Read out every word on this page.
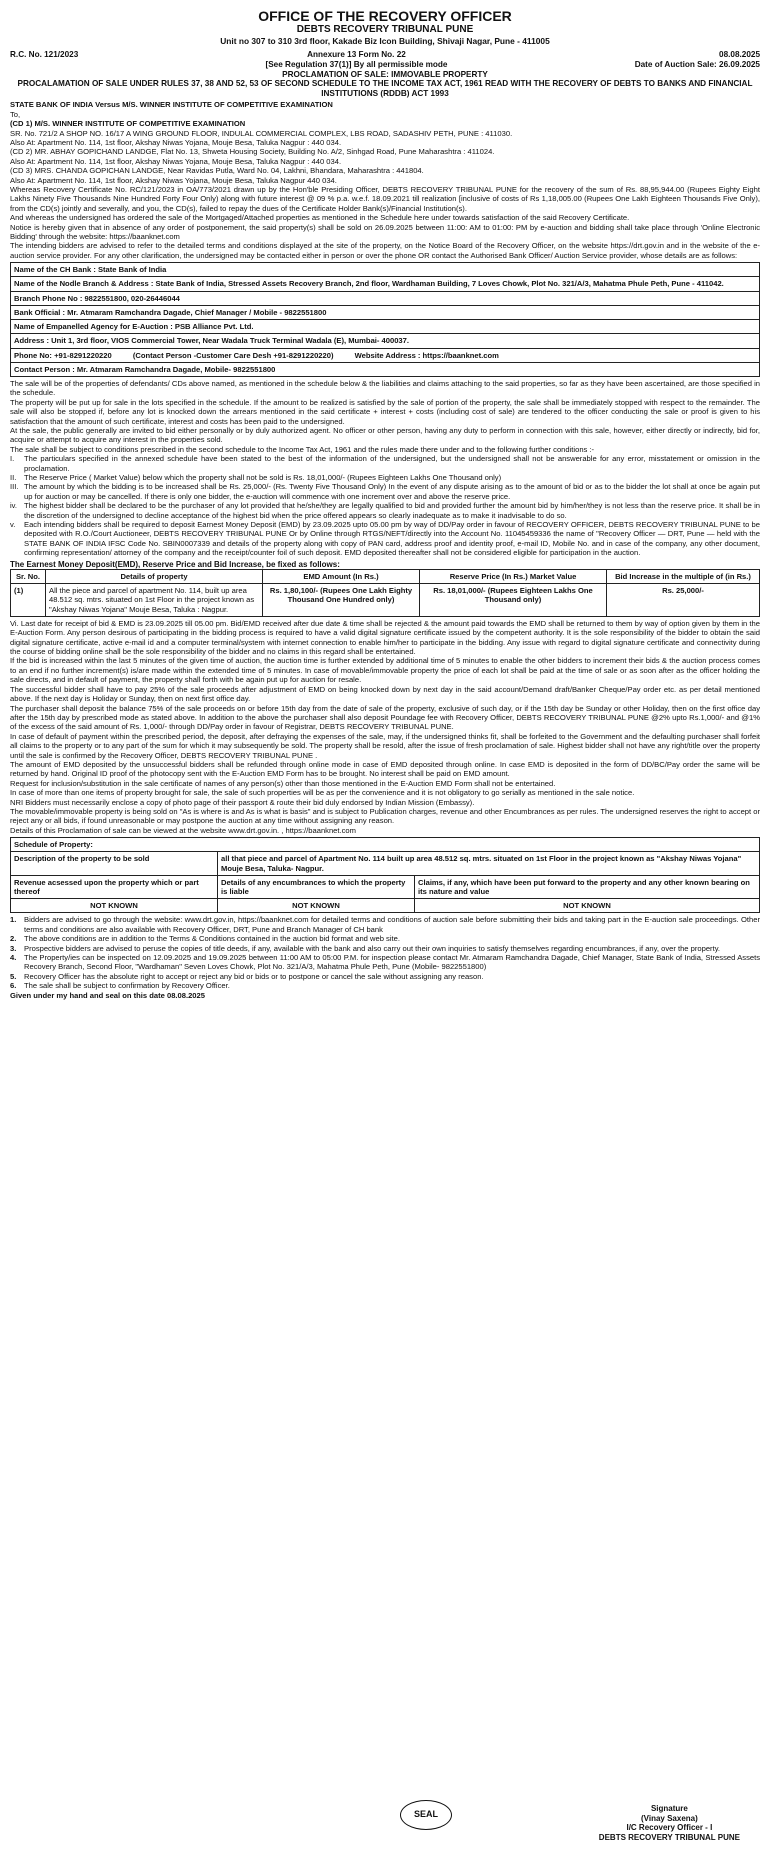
OFFICE OF THE RECOVERY OFFICER
DEBTS RECOVERY TRIBUNAL PUNE
Unit no 307 to 310 3rd floor, Kakade Biz Icon Building, Shivaji Nagar, Pune - 411005
R.C. No. 121/2023	Annexure 13 Form No. 22
[See Regulation 37(1)] By all permissible mode
08.08.2025
Date of Auction Sale: 26.09.2025
PROCLAMATION OF SALE: IMMOVABLE PROPERTY
PROCALAMATION OF SALE UNDER RULES 37, 38 AND 52, 53 OF SECOND SCHEDULE TO THE INCOME TAX ACT, 1961 READ WITH THE RECOVERY OF DEBTS TO BANKS AND FINANCIAL INSTITUTIONS (RDDB) ACT 1993

STATE BANK OF INDIA Versus M/S. WINNER INSTITUTE OF COMPETITIVE EXAMINATION

To,

(CD 1) M/S. WINNER INSTITUTE OF COMPETITIVE EXAMINATION

SR. No. 721/2 A SHOP NO. 16/17 A WING GROUND FLOOR, INDULAL COMMERCIAL COMPLEX, LBS ROAD, SADASHIV PETH, PUNE : 411030.

Also At: Apartment No. 114, 1st floor, Akshay Niwas Yojana, Mouje Besa, Taluka Nagpur : 440 034.

(CD 2) MR. ABHAY GOPICHAND LANDGE, Flat No. 13, Shweta Housing Society, Building No. A/2, Sinhgad Road, Pune Maharashtra : 411024.

Also At: Apartment No. 114, 1st floor, Akshay Niwas Yojana, Mouje Besa, Taluka Nagpur : 440 034.

(CD 3) MRS. CHANDA GOPICHAN LANDGE, Near Ravidas Putla, Ward No. 04, Lakhni, Bhandara, Maharashtra : 441804.

Also At: Apartment No. 114, 1st floor, Akshay Niwas Yojana, Mouje Besa, Taluka Nagpur 440 034.

Whereas Recovery Certificate No. RC/121/2023 in OA/773/2021 drawn up by the Hon'ble Presiding Officer, DEBTS RECOVERY TRIBUNAL PUNE for the recovery of the sum of Rs. 88,95,944.00 (Rupees Eighty Eight Lakhs Ninety Five Thousands Nine Hundred Forty Four Only) along with future interest @ 09 % p.a. w.e.f. 18.09.2021 till realization [inclusive of costs of Rs 1,18,005.00 (Rupees One Lakh Eighteen Thousands Five Only), from the CD(s) jointly and severally, and you, the CD(s), failed to repay the dues of the Certificate Holder Bank(s)/Financial Institution(s).

And whereas the undersigned has ordered the sale of the Mortgaged/Attached properties as mentioned in the Schedule here under towards satisfaction of the said Recovery Certificate.

Notice is hereby given that in absence of any order of postponement, the said property(s) shall be sold on 26.09.2025 between 11:00: AM to 01:00: PM by e-auction and bidding shall take place through 'Online Electronic Bidding' through the website: https://baanknet.com

The intending bidders are advised to refer to the detailed terms and conditions displayed at the site of the property, on the Notice Board of the Recovery Officer, on the website https://drt.gov.in and in the website of the e-auction service provider. For any other clarification, the undersigned may be contacted either in person or over the phone OR contact the Authorised Bank Officer/ Auction Service provider, whose details are as follows:

Name of the CH Bank : State Bank of India
Name of the Nodle Branch & Address : State Bank of India, Stressed Assets Recovery Branch, 2nd floor, Wardhaman Building, 7 Loves Chowk, Plot No. 321/A/3, Mahatma Phule Peth, Pune - 411042.
Branch Phone No : 9822551800, 020-26446044
Bank Official : Mr. Atmaram Ramchandra Dagade, Chief Manager / Mobile - 9822551800
Name of Empanelled Agency for E-Auction : PSB Alliance Pvt. Ltd.
Address : Unit 1, 3rd floor, VIOS Commercial Tower, Near Wadala Truck Terminal Wadala (E), Mumbai- 400037.
Phone No: +91-8291220220          (Contact Person -Customer Care Desh +91-8291220220)          Website Address : https://baanknet.com
Contact Person : Mr. Atmaram Ramchandra Dagade, Mobile- 9822551800

The sale will be of the properties of defendants/ CDs above named, as mentioned in the schedule below & the liabilities and claims attaching to the said properties, so far as they have been ascertained, are those specified in the schedule.

The property will be put up for sale in the lots specified in the schedule. If the amount to be realized is satisfied by the sale of portion of the property, the sale shall be immediately stopped with respect to the remainder. The sale will also be stopped if, before any lot is knocked down the arrears mentioned in the said certificate + interest + costs (including cost of sale) are tendered to the officer conducting the sale or proof is given to his satisfaction that the amount of such certificate, interest and costs has been paid to the undersigned.

At the sale, the public generally are invited to bid either personally or by duly authorized agent. No officer or other person, having any duty to perform in connection with this sale, however, either directly or indirectly, bid for, acquire or attempt to acquire any interest in the properties sold.

The sale shall be subject to conditions prescribed in the second schedule to the Income Tax Act, 1961 and the rules made there under and to the following further conditions :-

I.	The particulars specified in the annexed schedule have been stated to the best of the information of the undersigned, but the undersigned shall not be answerable for any error, misstatement or omission in the proclamation.
II.	The Reserve Price ( Market Value) below which the property shall not be sold is Rs. 18,01,000/- (Rupees Eighteen Lakhs One Thousand only)
III. The amount by which the bidding is to be increased shall be Rs. 25,000/- (Rs. Twenty Five Thousand Only) In the event of any dispute arising as to the amount of bid or as to the bidder the lot shall at once be again put up for auction or may be cancelled. If there is only one bidder, the e-auction will commence with one increment over and above the reserve price.
iv. The highest bidder shall be declared to be the purchaser of any lot provided that he/she/they are legally qualified to bid and provided further the amount bid by him/her/they is not less than the reserve price. It shall be in the discretion of the undersigned to decline acceptance of the highest bid when the price offered appears so clearly inadequate as to make it inadvisable to do so.
v.	Each intending bidders shall be required to deposit Earnest Money Deposit (EMD) by 23.09.2025 upto 05.00 pm by way of DD/Pay order in favour of RECOVERY OFFICER, DEBTS RECOVERY TRIBUNAL PUNE to be deposited with R.O./Court Auctioneer, DEBTS RECOVERY TRIBUNAL PUNE Or by Online through RTGS/NEFT/directly into the Account No. 11045459336 the name of "Recovery Officer — DRT, Pune — held with the STATE BANK OF INDIA IFSC Code No. SBIN0007339 and details of the property along with copy of PAN card, address proof and identity proof, e-mail ID, Mobile No. and in case of the company, any other document, confirming representation/ attorney of the company and the receipt/counter foil of such deposit. EMD deposited thereafter shall not be considered eligible for participation in the auction.
The Earnest Money Deposit(EMD), Reserve Price and Bid Increase, be fixed as follows:
Sr. No.	Details of property	EMD Amount (In Rs.)	Reserve Price (In Rs.) Market Value	Bid Increase in the multiple of (in Rs.)
(1)	All the piece and parcel of apartment No. 114, built up area 48.512 sq. mtrs. situated on 1st Floor in the project known as "Akshay Niwas Yojana" Mouje Besa, Taluka : Nagpur.	Rs. 1,80,100/- (Rupees One Lakh Eighty Thousand One Hundred only)	Rs. 18,01,000/- (Rupees Eighteen Lakhs One Thousand only)	Rs. 25,000/-

Vi. Last date for receipt of bid & EMD is 23.09.2025 till 05.00 pm. Bid/EMD received after due date & time shall be rejected & the amount paid towards the EMD shall be returned to them by way of option given by them in the E-Auction Form. Any person desirous of participating in the bidding process is required to have a valid digital signature certificate issued by the competent authority. It is the sole responsibility of the bidder to obtain the said digital signature certificate, active e-mail id and a computer terminal/system with internet connection to enable him/her to participate in the bidding. Any issue with regard to digital signature certificate and connectivity during the course of bidding online shall be the sole responsibility of the bidder and no claims in this regard shall be entertained.

If the bid is increased within the last 5 minutes of the given time of auction, the auction time is further extended by additional time of 5 minutes to enable the other bidders to increment their bids & the auction process comes to an end if no further increment(s) is/are made within the extended time of 5 minutes. In case of movable/immovable property the price of each lot shall be paid at the time of sale or as soon after as the officer holding the sale directs, and in default of payment, the property shall forth with be again put up for auction for resale.

The successful bidder shall have to pay 25% of the sale proceeds after adjustment of EMD on being knocked down by next day in the said account/Demand draft/Banker Cheque/Pay order etc. as per detail mentioned above. If the next day is Holiday or Sunday, then on next first office day.

The purchaser shall deposit the balance 75% of the sale proceeds on or before 15th day from the date of sale of the property, exclusive of such day, or if the 15th day be Sunday or other Holiday, then on the first office day after the 15th day by prescribed mode as stated above. In addition to the above the purchaser shall also deposit Poundage fee with Recovery Officer, DEBTS RECOVERY TRIBUNAL PUNE @2% upto Rs.1,000/- and @1% of the excess of the said amount of Rs. 1,000/- through DD/Pay order in favour of Registrar, DEBTS RECOVERY TRIBUNAL PUNE.

In case of default of payment within the prescribed period, the deposit, after defraying the expenses of the sale, may, if the undersigned thinks fit, shall be forfeited to the Government and the defaulting purchaser shall forfeit all claims to the property or to any part of the sum for which it may subsequently be sold. The property shall be resold, after the issue of fresh proclamation of sale. Highest bidder shall not have any right/title over the property until the sale is confirmed by the Recovery Officer, DEBTS RECOVERY TRIBUNAL PUNE .

The amount of EMD deposited by the unsuccessful bidders shall be refunded through online mode in case of EMD deposited through online. In case EMD is deposited in the form of DD/BC/Pay order the same will be returned by hand. Original ID proof of the photocopy sent with the E-Auction EMD Form has to be brought. No interest shall be paid on EMD amount.

Request for inclusion/substitution in the sale certificate of names of any person(s) other than those mentioned in the E-Auction EMD Form shall not be entertained.

In case of more than one items of property brought for sale, the sale of such properties will be as per the convenience and it is not obligatory to go serially as mentioned in the sale notice.

NRI Bidders must necessarily enclose a copy of photo page of their passport & route their bid duly endorsed by Indian Mission (Embassy).

The movable/immovable property is being sold on "As is where is and As is what is basis" and is subject to Publication charges, revenue and other Encumbrances as per rules. The undersigned reserves the right to accept or reject any or all bids, if found unreasonable or may postpone the auction at any time without assigning any reason.

Details of this Proclamation of sale can be viewed at the website www.drt.gov.in. , https://baanknet.com

Schedule of Property:		
Description of the property to be sold	all that piece and parcel of Apartment No. 114 built up area 48.512 sq. mtrs. situated on 1st Floor in the project known as "Akshay Niwas Yojana" Mouje Besa, Taluka- Nagpur.	
Revenue acsessed upon the property which or part thereof	Details of any encumbrances to which the property is liable	Claims, if any, which have been put forward to the property and any other known bearing on its nature and value
NOT KNOWN	NOT KNOWN	NOT KNOWN
1.	Bidders are advised to go through the website: www.drt.gov.in, https://baanknet.com for detailed terms and conditions of auction sale before submitting their bids and taking part in the E-auction sale proceedings. Other terms and conditions are also available with Recovery Officer, DRT, Pune and Branch Manager of CH bank
2.	The above conditions are in addition to the Terms & Conditions contained in the auction bid format and web site.
3.	Prospective bidders are advised to peruse the copies of title deeds, if any, available with the bank and also carry out their own inquiries to satisfy themselves regarding encumbrances, if any, over the property.
4.	The Property/ies can be inspected on 12.09.2025 and 19.09.2025 between 11:00 AM to 05:00 P.M. for inspection please contact Mr. Atmaram Ramchandra Dagade, Chief Manager, State Bank of India, Stressed Assets Recovery Branch, Second Floor, "Wardhaman" Seven Loves Chowk, Plot No. 321/A/3, Mahatma Phule Peth, Pune (Mobile- 9822551800)
5.	Recovery Officer has the absolute right to accept or reject any bid or bids or to postpone or cancel the sale without assigning any reason.
6.	The sale shall be subject to confirmation by Recovery Officer.

Given under my hand and seal on this date 08.08.2025

SEAL
Signature
(Vinay Saxena)
I/C Recovery Officer - I
DEBTS RECOVERY TRIBUNAL PUNE
